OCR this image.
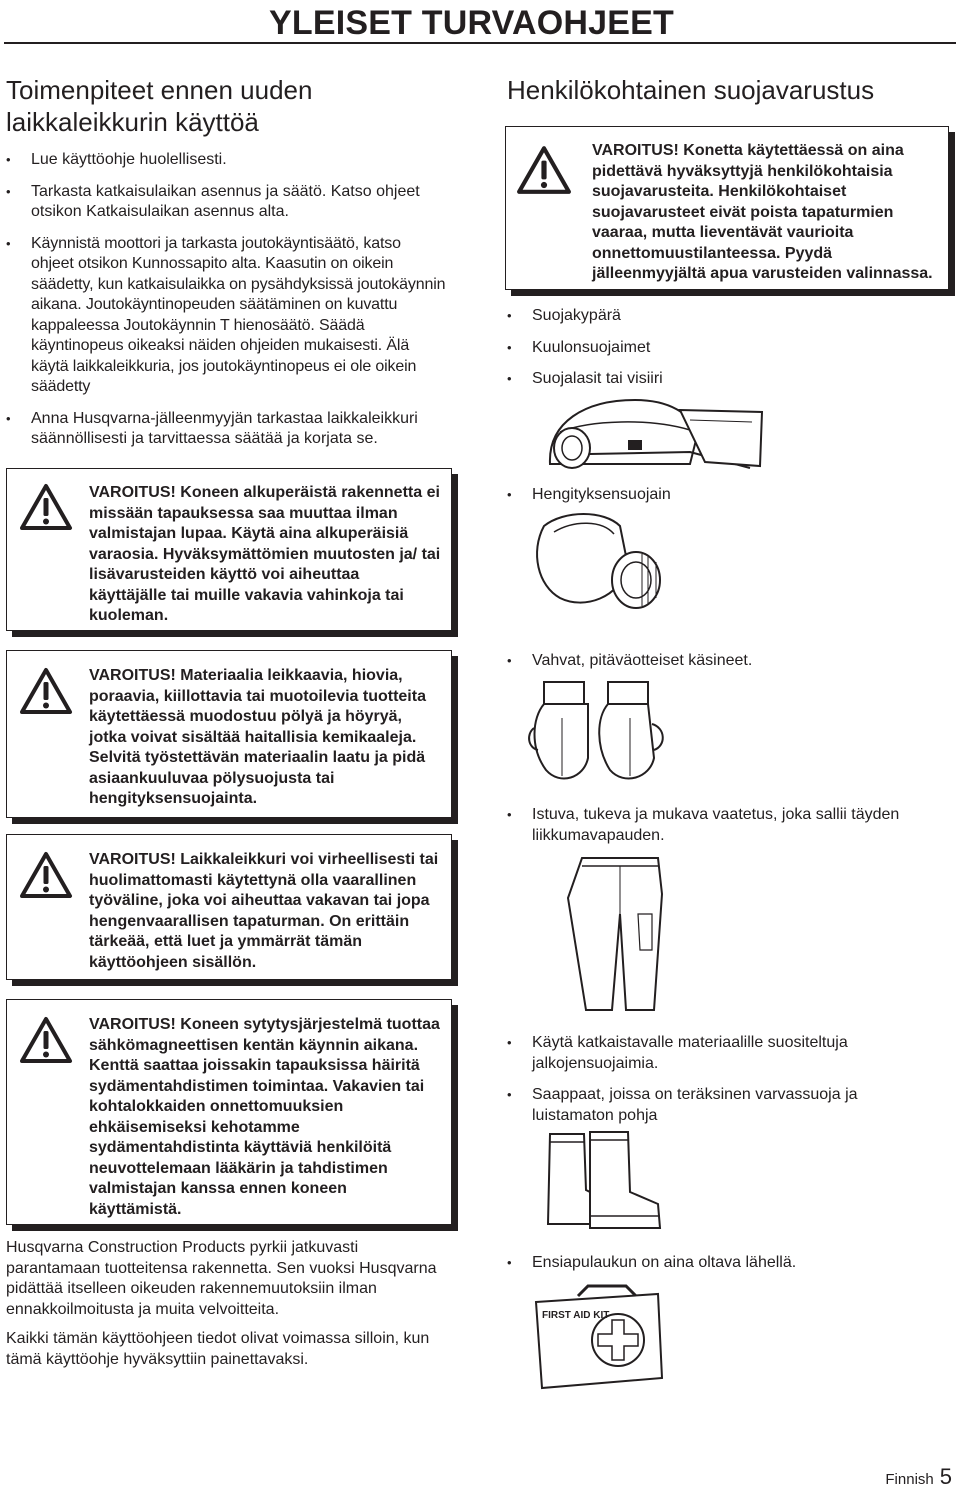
YLEISET TURVAOHJEET
Toimenpiteet ennen uuden laikkaleikkurin käyttöä
• Lue käyttöohje huolellisesti.
• Tarkasta katkaisulaikan asennus ja säätö. Katso ohjeet otsikon Katkaisulaikan asennus alta.
• Käynnistä moottori ja tarkasta joutokäyntisäätö, katso ohjeet otsikon Kunnossapito alta. Kaasutin on oikein säädetty, kun katkaisulaikka on pysähdyksissä joutokäynnin aikana. Joutokäyntinopeuden säätäminen on kuvattu kappaleessa Joutokäynnin T hienosäätö. Säädä käyntinopeus oikeaksi näiden ohjeiden mukaisesti. Älä käytä laikkaleikkuria, jos joutokäyntinopeus ei ole oikein säädetty
• Anna Husqvarna-jälleenmyyjän tarkastaa laikkaleikkuri säännöllisesti ja tarvittaessa säätää ja korjata se.
VAROITUS! Koneen alkuperäistä rakennetta ei missään tapauksessa saa muuttaa ilman valmistajan lupaa. Käytä aina alkuperäisiä varaosia. Hyväksymättömien muutosten ja/ tai lisävarusteiden käyttö voi aiheuttaa käyttäjälle tai muille vakavia vahinkoja tai kuoleman.
VAROITUS! Materiaalia leikkaavia, hiovia, poraavia, kiillottavia tai muotoilevia tuotteita käytettäessä muodostuu pölyä ja höyryä, jotka voivat sisältää haitallisia kemikaaleja. Selvitä työstettävän materiaalin laatu ja pidä asiaankuuluvaa pölysuojusta tai hengityksensuojainta.
VAROITUS! Laikkaleikkuri voi virheellisesti tai huolimattomasti käytettynä olla vaarallinen työväline, joka voi aiheuttaa vakavan tai jopa hengenvaarallisen tapaturman. On erittäin tärkeää, että luet ja ymmärrät tämän käyttöohjeen sisällön.
VAROITUS! Koneen sytytysjärjestelmä tuottaa sähkömagneettisen kentän käynnin aikana. Kenttä saattaa joissakin tapauksissa häiritä sydämentahdistimen toimintaa. Vakavien tai kohtalokkaiden onnettomuuksien ehkäisemiseksi kehotamme sydämentahdistinta käyttäviä henkilöitä neuvottelemaan lääkärin ja tahdistimen valmistajan kanssa ennen koneen käyttämistä.

Husqvarna Construction Products pyrkii jatkuvasti parantamaan tuotteitensa rakennetta. Sen vuoksi Husqvarna pidättää itselleen oikeuden rakennemuutoksiin ilman ennakkoilmoitusta ja muita velvoitteita.

Kaikki tämän käyttöohjeen tiedot olivat voimassa silloin, kun tämä käyttöohje hyväksyttiin painettavaksi.

Henkilökohtainen suojavarustus
VAROITUS! Konetta käytettäessä on aina pidettävä hyväksyttyjä henkilökohtaisia suojavarusteita. Henkilökohtaiset suojavarusteet eivät poista tapaturmien vaaraa, mutta lieventävät vaurioita onnettomuustilanteessa. Pyydä jälleenmyyjältä apua varusteiden valinnassa.
• Suojakypärä
• Kuulonsuojaimet
• Suojalasit tai visiiri
• Hengityksensuojain
• Vahvat, pitäväotteiset käsineet.
• Istuva, tukeva ja mukava vaatetus, joka sallii täyden liikkumavapauden.
• Käytä katkaistavalle materiaalille suositeltuja jalkojensuojaimia.
• Saappaat, joissa on teräksinen varvassuoja ja luistamaton pohja
• Ensiapulaukun on aina oltava lähellä.
FIRST AID KIT
Finnish 5
